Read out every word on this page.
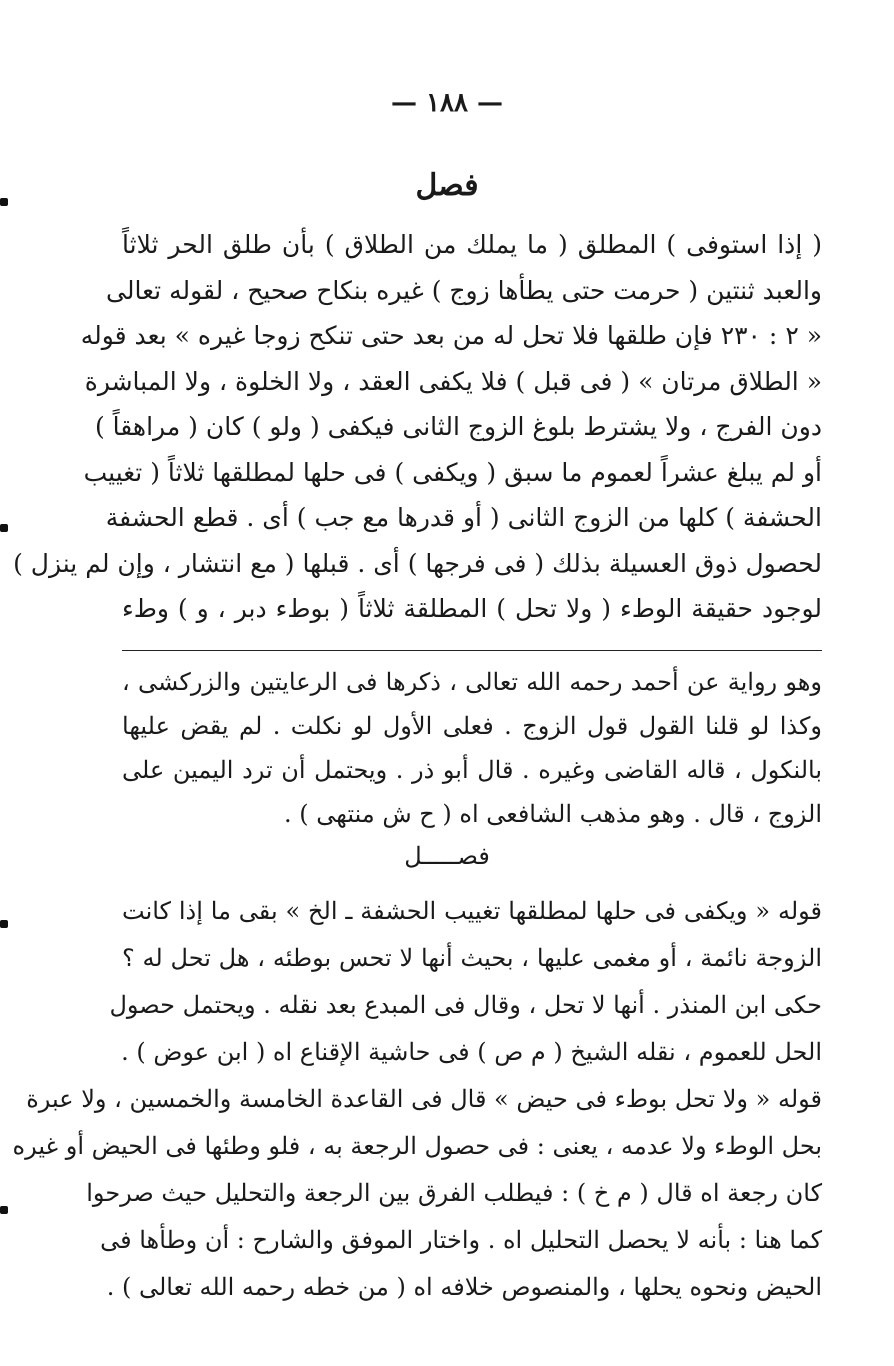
— ١٨٨ —
فصل
( إذا استوفى ) المطلق ( ما يملك من الطلاق ) بأن طلق الحر ثلاثاً
والعبد ثنتين ( حرمت حتى يطأها زوج ) غيره بنكاح صحيح ، لقوله تعالى
« ٢ : ٢٣٠ فإن طلقها فلا تحل له من بعد حتى تنكح زوجا غيره » بعد قوله
« الطلاق مرتان » ( فى قبل ) فلا يكفى العقد ، ولا الخلوة ، ولا المباشرة
دون الفرج ، ولا يشترط بلوغ الزوج الثانى فيكفى ( ولو ) كان ( مراهقاً )
أو لم يبلغ عشراً لعموم ما سبق ( ويكفى ) فى حلها لمطلقها ثلاثاً ( تغييب
الحشفة ) كلها من الزوج الثانى ( أو قدرها مع جب ) أى . قطع الحشفة
لحصول ذوق العسيلة بذلك ( فى فرجها ) أى . قبلها ( مع انتشار ، وإن لم ينزل )
لوجود حقيقة الوطء ( ولا تحل ) المطلقة ثلاثاً ( بوطء دبر ، و ) وطء
وهو رواية عن أحمد رحمه الله تعالى ، ذكرها فى الرعايتين والزركشى ،
وكذا لو قلنا القول قول الزوج . فعلى الأول لو نكلت . لم يقض عليها
بالنكول ، قاله القاضى وغيره . قال أبو ذر . ويحتمل أن ترد اليمين على
الزوج ، قال . وهو مذهب الشافعى اه ( ح ش منتهى ) .
فصـــــل
قوله « ويكفى فى حلها لمطلقها تغييب الحشفة ـ الخ » بقى ما إذا كانت
الزوجة نائمة ، أو مغمى عليها ، بحيث أنها لا تحس بوطئه ، هل تحل له ؟
حكى ابن المنذر . أنها لا تحل ، وقال فى المبدع بعد نقله . ويحتمل حصول
الحل للعموم ، نقله الشيخ ( م ص ) فى حاشية الإقناع اه ( ابن عوض ) .
قوله « ولا تحل بوطء فى حيض » قال فى القاعدة الخامسة والخمسين ، ولا عبرة
بحل الوطء ولا عدمه ، يعنى : فى حصول الرجعة به ، فلو وطئها فى الحيض أو غيره
كان رجعة اه قال ( م خ ) : فيطلب الفرق بين الرجعة والتحليل حيث صرحوا
كما هنا : بأنه لا يحصل التحليل اه . واختار الموفق والشارح : أن وطأها فى
الحيض ونحوه يحلها ، والمنصوص خلافه اه ( من خطه رحمه الله تعالى ) .
